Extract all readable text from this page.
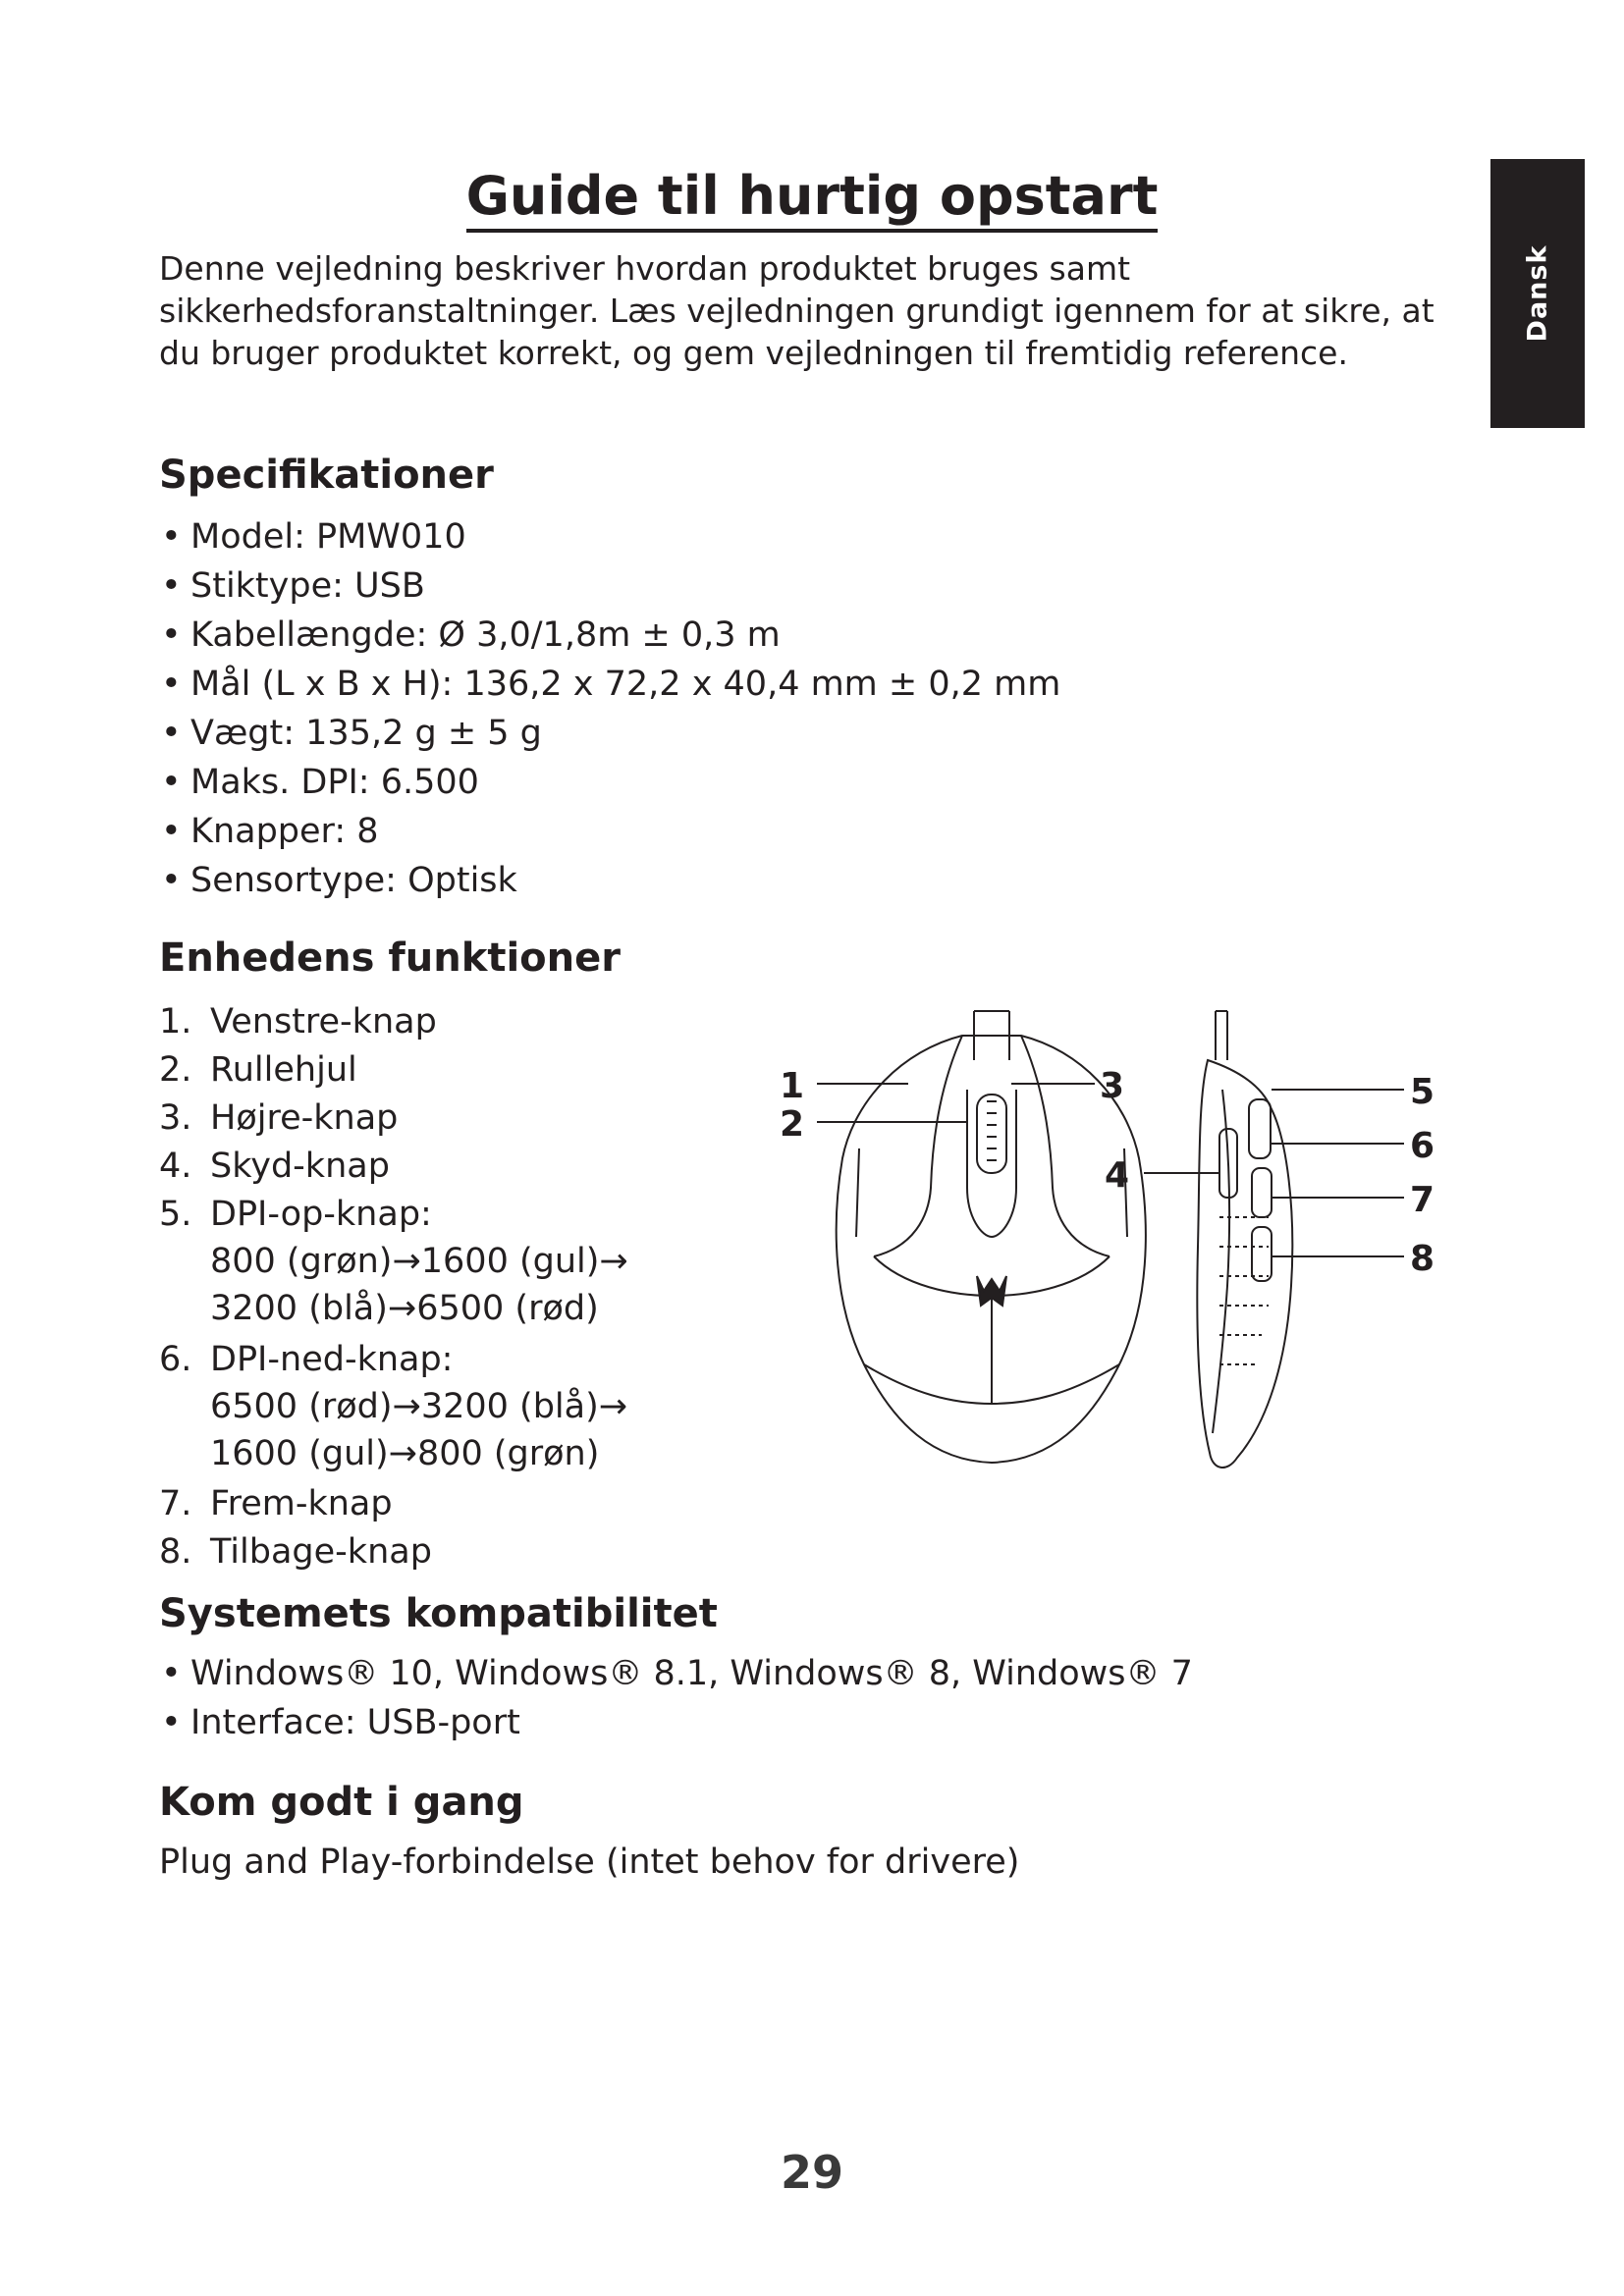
Dansk
Guide til hurtig opstart

Denne vejledning beskriver hvordan produktet bruges samt sikkerhedsforanstaltninger. Læs vejledningen grundigt igennem for at sikre, at du bruger produktet korrekt, og gem vejledningen til fremtidig reference.

Specifikationer
• Model: PMW010
• Stiktype: USB
• Kabellængde: Ø 3,0/1,8m ± 0,3 m
• Mål (L x B x H): 136,2 x 72,2 x 40,4 mm ± 0,2 mm
• Vægt: 135,2 g ± 5 g
• Maks. DPI: 6.500
• Knapper: 8
• Sensortype: Optisk
Enhedens funktioner
1. Venstre-knap
2. Rullehjul
3. Højre-knap
4. Skyd-knap
5. DPI-op-knap:
800 (grøn)→1600 (gul)→
3200 (blå)→6500 (rød)
6. DPI-ned-knap:
6500 (rød)→3200 (blå)→
1600 (gul)→800 (grøn)
7. Frem-knap
8. Tilbage-knap
1
2
3
4
5
6
7
8
Systemets kompatibilitet
• Windows® 10, Windows® 8.1, Windows® 8, Windows® 7
• Interface: USB-port
Kom godt i gang

Plug and Play-forbindelse (intet behov for drivere)

29
